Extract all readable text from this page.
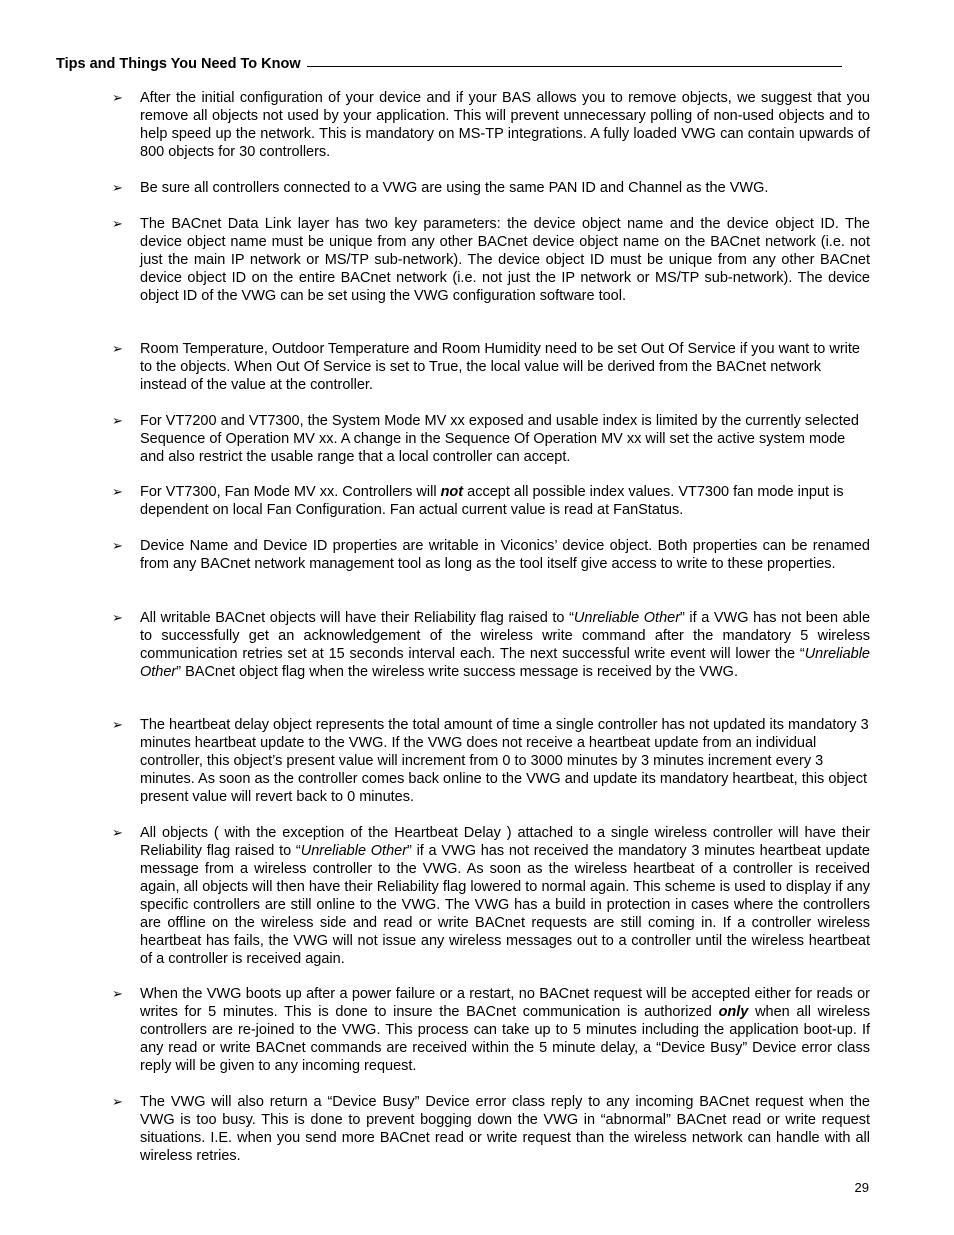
Tips and Things You Need To Know
➢ After the initial configuration of your device and if your BAS allows you to remove objects, we suggest that you remove all objects not used by your application. This will prevent unnecessary polling of non-used objects and to help speed up the network. This is mandatory on MS-TP integrations. A fully loaded VWG can contain upwards of 800 objects for 30 controllers.
➢ Be sure all controllers connected to a VWG are using the same PAN ID and Channel as the VWG.
➢ The BACnet Data Link layer has two key parameters: the device object name and the device object ID. The device object name must be unique from any other BACnet device object name on the BACnet network (i.e. not just the main IP network or MS/TP sub-network). The device object ID must be unique from any other BACnet device object ID on the entire BACnet network (i.e. not just the IP network or MS/TP sub-network). The device object ID of the VWG can be set using the VWG configuration software tool.
➢ Room Temperature, Outdoor Temperature and Room Humidity need to be set Out Of Service if you want to write to the objects. When Out Of Service is set to True, the local value will be derived from the BACnet network instead of the value at the controller.
➢ For VT7200 and VT7300, the System Mode MV xx exposed and usable index is limited by the currently selected Sequence of Operation MV xx. A change in the Sequence Of Operation MV xx will set the active system mode and also restrict the usable range that a local controller can accept.
➢ For VT7300, Fan Mode MV xx. Controllers will not accept all possible index values. VT7300 fan mode input is dependent on local Fan Configuration. Fan actual current value is read at FanStatus.
➢ Device Name and Device ID properties are writable in Viconics’ device object. Both properties can be renamed from any BACnet network management tool as long as the tool itself give access to write to these properties.
➢ All writable BACnet objects will have their Reliability flag raised to “Unreliable Other” if a VWG has not been able to successfully get an acknowledgement of the wireless write command after the mandatory 5 wireless communication retries set at 15 seconds interval each. The next successful write event will lower the “Unreliable Other” BACnet object flag when the wireless write success message is received by the VWG.
➢ The heartbeat delay object represents the total amount of time a single controller has not updated its mandatory 3 minutes heartbeat update to the VWG. If the VWG does not receive a heartbeat update from an individual controller, this object’s present value will increment from 0 to 3000 minutes by 3 minutes increment every 3 minutes. As soon as the controller comes back online to the VWG and update its mandatory heartbeat, this object present value will revert back to 0 minutes.
➢ All objects ( with the exception of the Heartbeat Delay ) attached to a single wireless controller will have their Reliability flag raised to “Unreliable Other” if a VWG has not received the mandatory 3 minutes heartbeat update message from a wireless controller to the VWG. As soon as the wireless heartbeat of a controller is received again, all objects will then have their Reliability flag lowered to normal again. This scheme is used to display if any specific controllers are still online to the VWG. The VWG has a build in protection in cases where the controllers are offline on the wireless side and read or write BACnet requests are still coming in. If a controller wireless heartbeat has fails, the VWG will not issue any wireless messages out to a controller until the wireless heartbeat of a controller is received again.
➢ When the VWG boots up after a power failure or a restart, no BACnet request will be accepted either for reads or writes for 5 minutes. This is done to insure the BACnet communication is authorized only when all wireless controllers are re-joined to the VWG. This process can take up to 5 minutes including the application boot-up. If any read or write BACnet commands are received within the 5 minute delay, a “Device Busy” Device error class reply will be given to any incoming request.
➢ The VWG will also return a “Device Busy” Device error class reply to any incoming BACnet request when the VWG is too busy. This is done to prevent bogging down the VWG in “abnormal” BACnet read or write request situations. I.E. when you send more BACnet read or write request than the wireless network can handle with all wireless retries.
29
